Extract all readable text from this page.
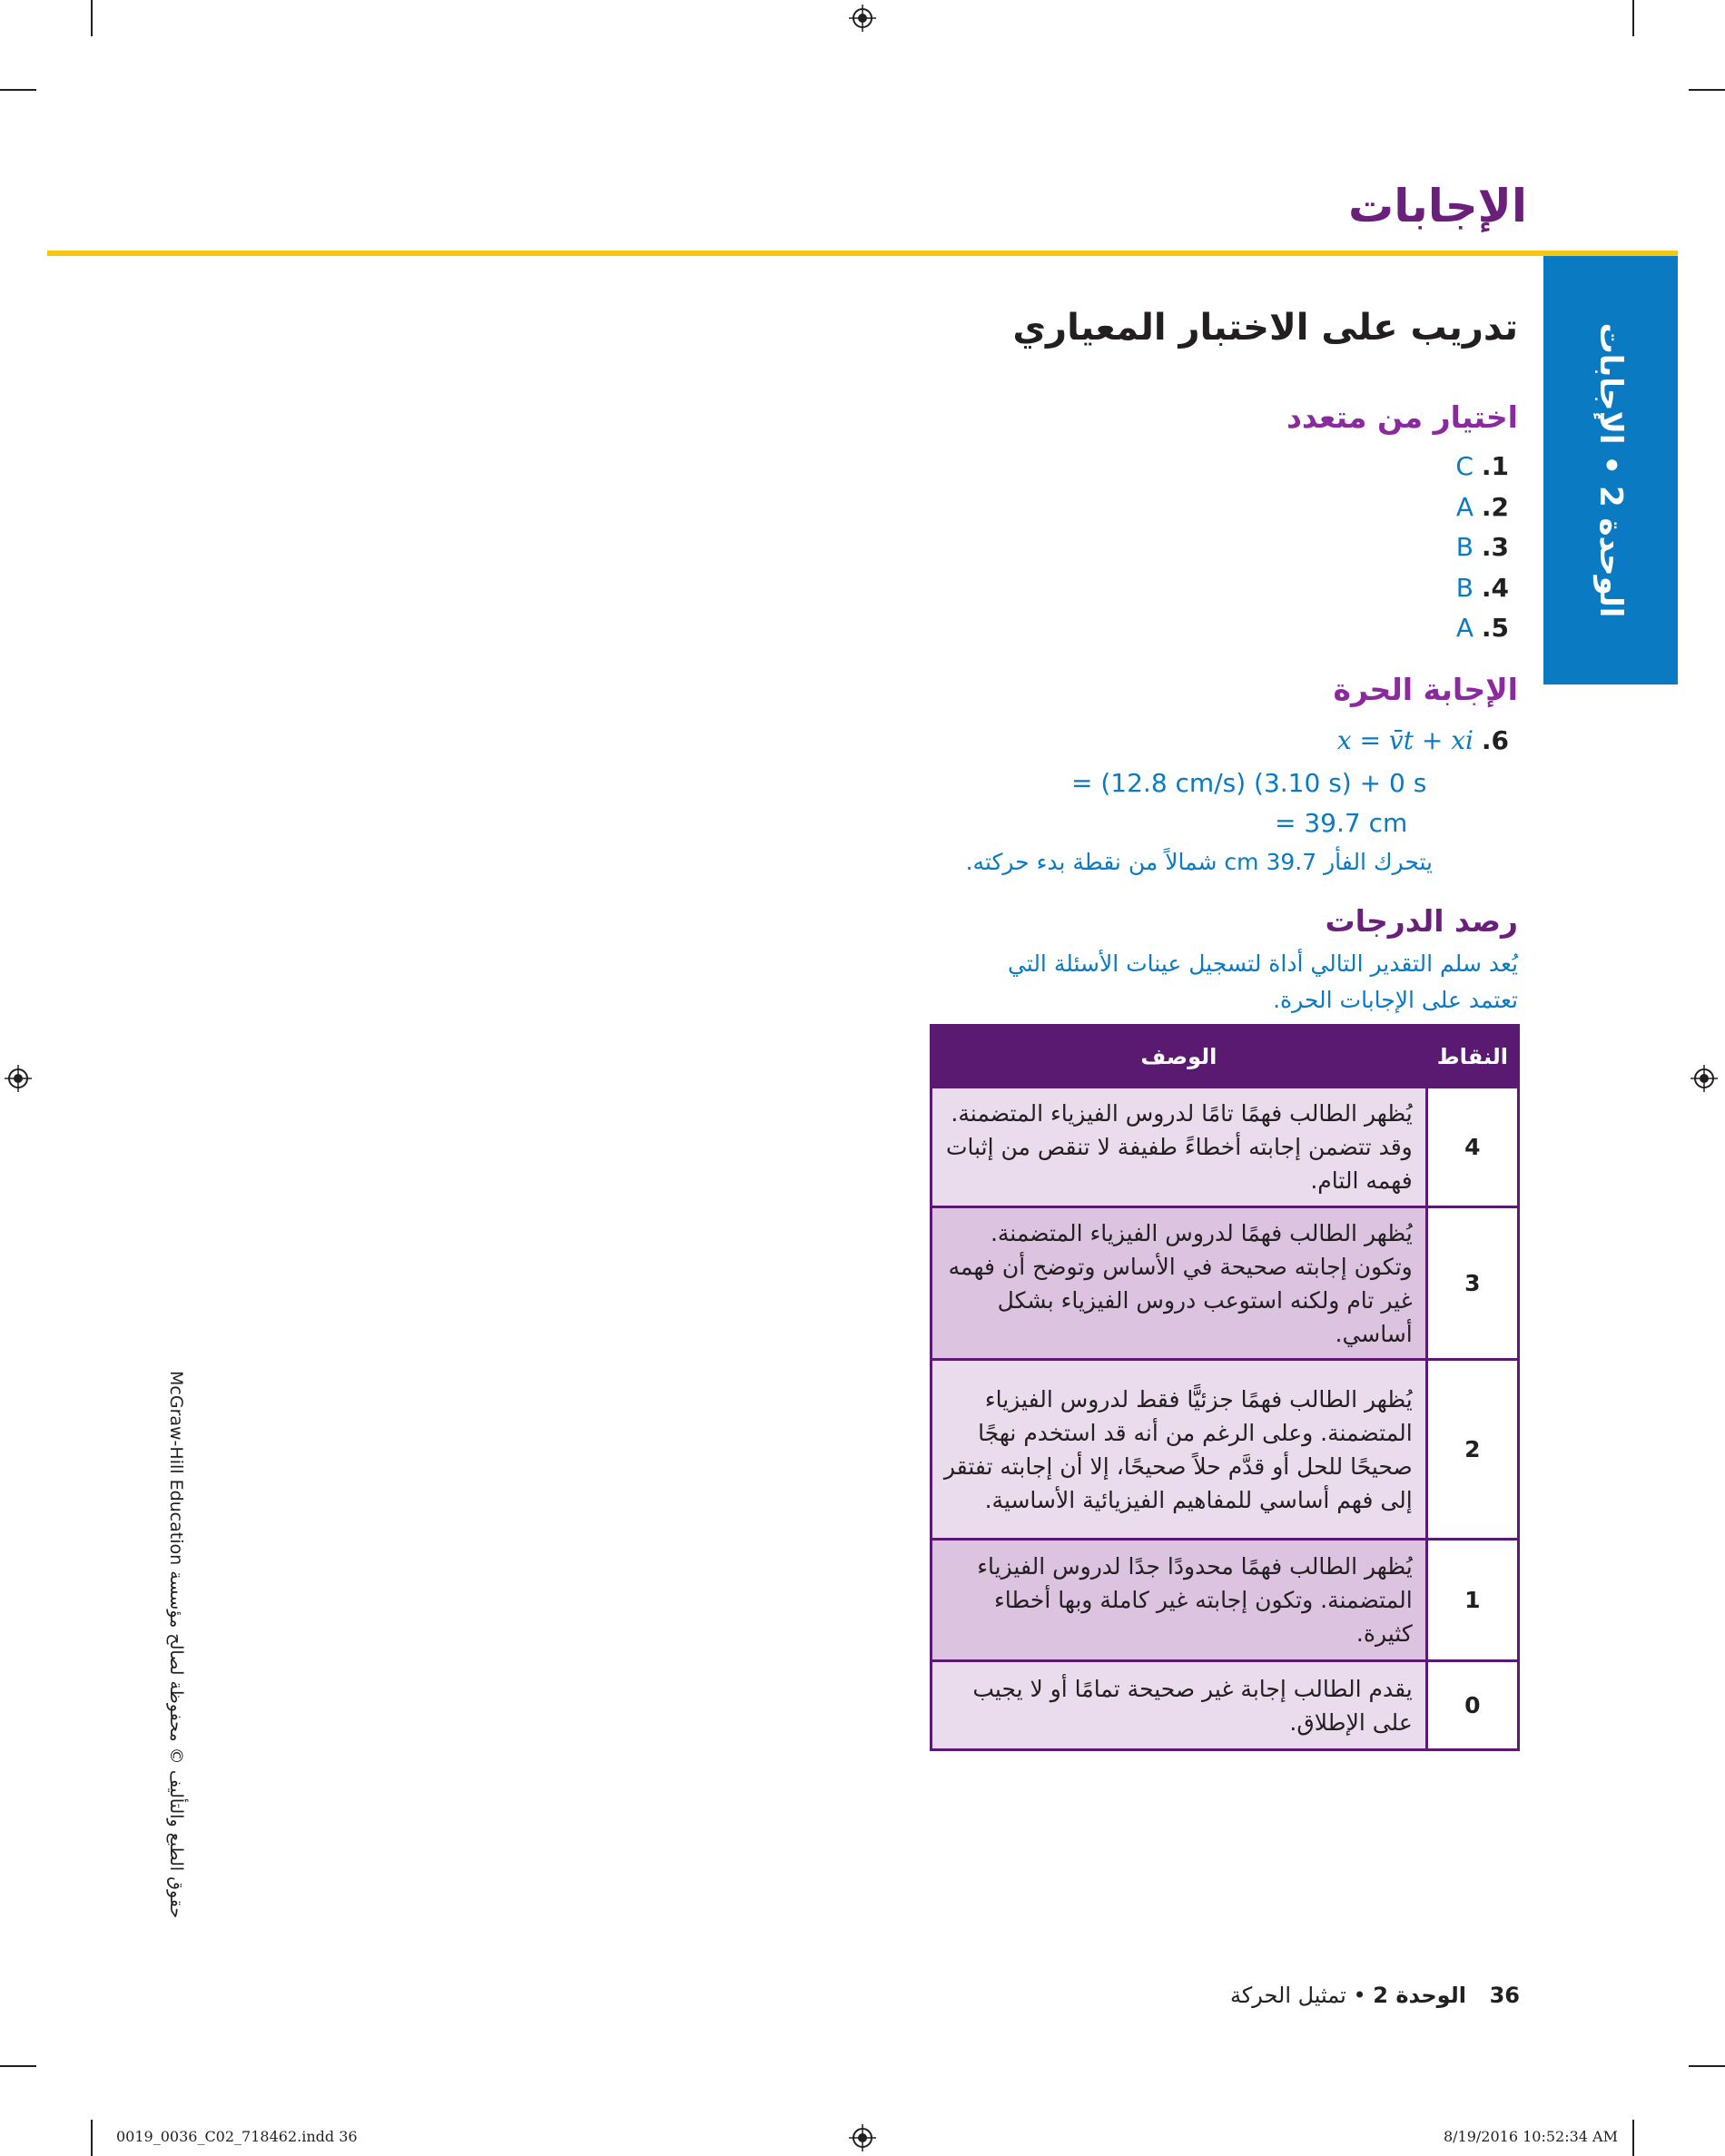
الإجابات
الوحدة 2 • الإجابات
تدريب على الاختبار المعياري
اختيار من متعدد
1. C
2. A
3. B
4. B
5. A
الإجابة الحرة
6. x = v̄t + xi
= (12.8 cm/s) (3.10 s) + 0 s
= 39.7 cm
يتحرك الفأر 39.7 cm شمالاً من نقطة بدء حركته.
رصد الدرجات
يُعد سلم التقدير التالي أداة لتسجيل عينات الأسئلة التي تعتمد على الإجابات الحرة.
النقاط	الوصف
4	يُظهر الطالب فهمًا تامًا لدروس الفيزياء المتضمنة. وقد تتضمن إجابته أخطاءً طفيفة لا تنقص من إثبات فهمه التام.
3	يُظهر الطالب فهمًا لدروس الفيزياء المتضمنة. وتكون إجابته صحيحة في الأساس وتوضح أن فهمه غير تام ولكنه استوعب دروس الفيزياء بشكل أساسي.
2	يُظهر الطالب فهمًا جزئيًّا فقط لدروس الفيزياء المتضمنة. وعلى الرغم من أنه قد استخدم نهجًا صحيحًا للحل أو قدَّم حلاً صحيحًا، إلا أن إجابته تفتقر إلى فهم أساسي للمفاهيم الفيزيائية الأساسية.
1	يُظهر الطالب فهمًا محدودًا جدًا لدروس الفيزياء المتضمنة. وتكون إجابته غير كاملة وبها أخطاء كثيرة.
0	يقدم الطالب إجابة غير صحيحة تمامًا أو لا يجيب على الإطلاق.
حقوق الطبع والتأليف © محفوظة لصالح مؤسسة McGraw-Hill Education
36 الوحدة 2 • تمثيل الحركة
0019_0036_C02_718462.indd 36	8/19/2016 10:52:34 AM
